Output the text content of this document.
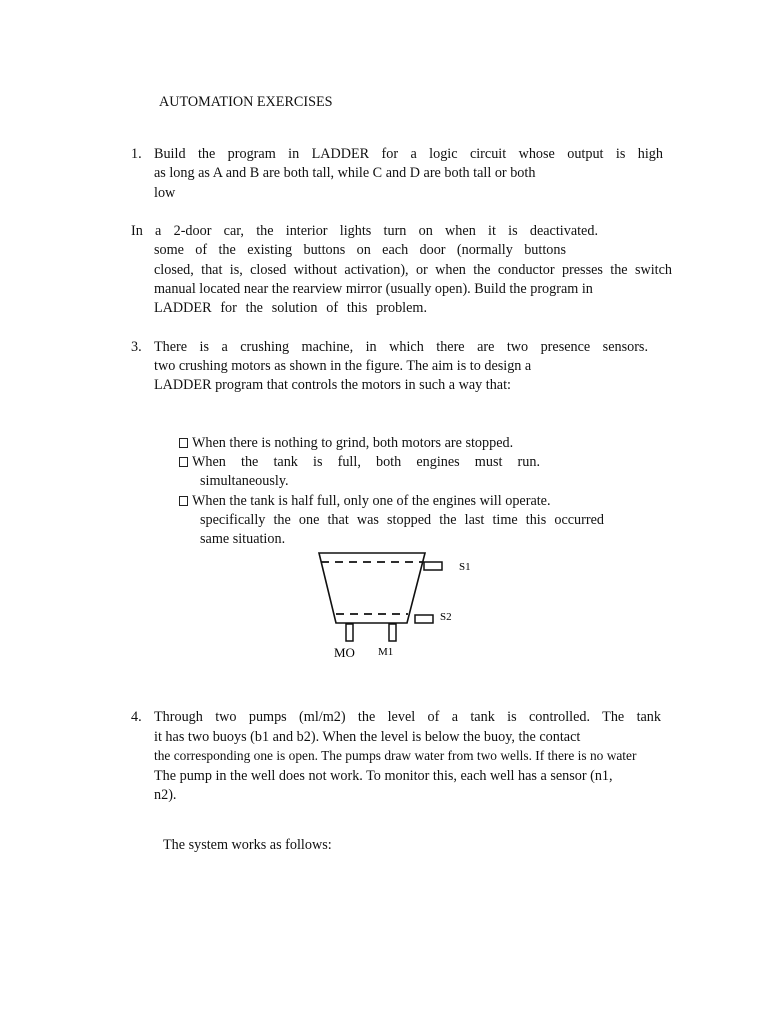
AUTOMATION EXERCISES
1. Build the program in LADDER for a logic circuit whose output is high
as long as A and B are both tall, while C and D are both tall or both
low
In a 2-door car, the interior lights turn on when it is deactivated.
some of the existing buttons on each door (normally buttons
closed, that is, closed without activation), or when the conductor presses the switch
manual located near the rearview mirror (usually open). Build the program in
LADDER for the solution of this problem.
3. There is a crushing machine, in which there are two presence sensors.
two crushing motors as shown in the figure. The aim is to design a
LADDER program that controls the motors in such a way that:
When there is nothing to grind, both motors are stopped.
When the tank is full, both engines must run.
simultaneously.
When the tank is half full, only one of the engines will operate.
specifically the one that was stopped the last time this occurred
same situation.
S1
S2
MO M1
4. Through two pumps (ml/m2) the level of a tank is controlled. The tank
it has two buoys (b1 and b2). When the level is below the buoy, the contact
the corresponding one is open. The pumps draw water from two wells. If there is no water
The pump in the well does not work. To monitor this, each well has a sensor (n1,
n2).
The system works as follows:
